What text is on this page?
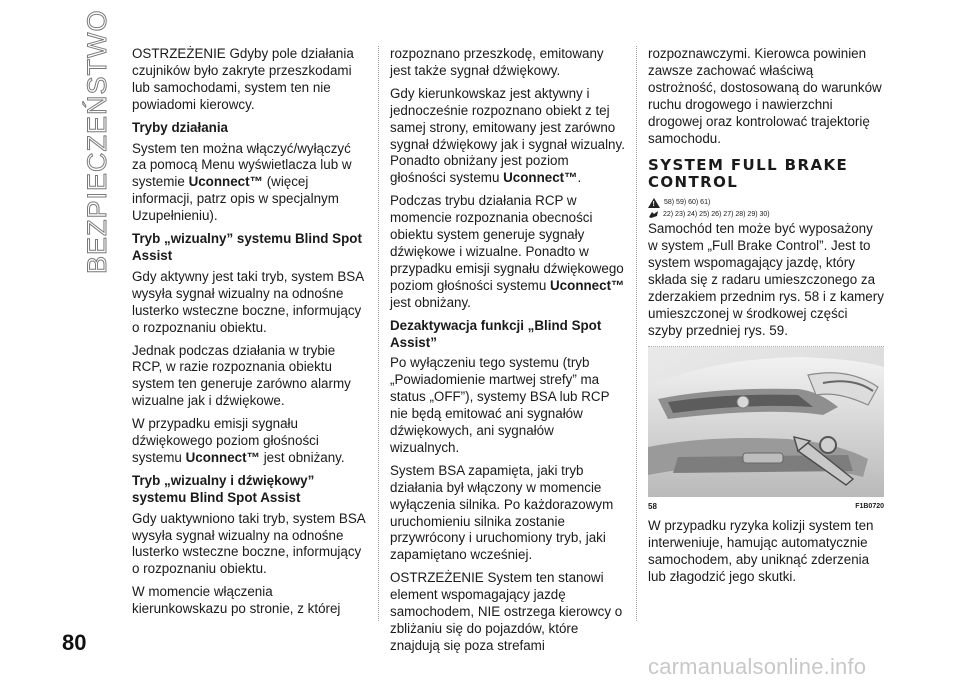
BEZPIECZEŃSTWO
80

OSTRZEŻENIE Gdyby pole działania czujników było zakryte przeszkodami lub samochodami, system ten nie powiadomi kierowcy.

Tryby działania

System ten można włączyć/wyłączyć za pomocą Menu wyświetlacza lub w systemie Uconnect™ (więcej informacji, patrz opis w specjalnym Uzupełnieniu).

Tryb „wizualny” systemu Blind Spot Assist

Gdy aktywny jest taki tryb, system BSA wysyła sygnał wizualny na odnośne lusterko wsteczne boczne, informujący o rozpoznaniu obiektu.

Jednak podczas działania w trybie RCP, w razie rozpoznania obiektu system ten generuje zarówno alarmy wizualne jak i dźwiękowe.

W przypadku emisji sygnału dźwiękowego poziom głośności systemu Uconnect™ jest obniżany.

Tryb „wizualny i dźwiękowy” systemu Blind Spot Assist

Gdy uaktywniono taki tryb, system BSA wysyła sygnał wizualny na odnośne lusterko wsteczne boczne, informujący o rozpoznaniu obiektu.

W momencie włączenia kierunkowskazu po stronie, z której

rozpoznano przeszkodę, emitowany jest także sygnał dźwiękowy.

Gdy kierunkowskaz jest aktywny i jednocześnie rozpoznano obiekt z tej samej strony, emitowany jest zarówno sygnał dźwiękowy jak i sygnał wizualny. Ponadto obniżany jest poziom głośności systemu Uconnect™.

Podczas trybu działania RCP w momencie rozpoznania obecności obiektu system generuje sygnały dźwiękowe i wizualne. Ponadto w przypadku emisji sygnału dźwiękowego poziom głośności systemu Uconnect™ jest obniżany.

Dezaktywacja funkcji „Blind Spot Assist”

Po wyłączeniu tego systemu (tryb „Powiadomienie martwej strefy” ma status „OFF”), systemy BSA lub RCP nie będą emitować ani sygnałów dźwiękowych, ani sygnałów wizualnych.

System BSA zapamięta, jaki tryb działania był włączony w momencie wyłączenia silnika. Po każdorazowym uruchomieniu silnika zostanie przywrócony i uruchomiony tryb, jaki zapamiętano wcześniej.

OSTRZEŻENIE System ten stanowi element wspomagający jazdę samochodem, NIE ostrzega kierowcy o zbliżaniu się do pojazdów, które znajdują się poza strefami

rozpoznawczymi. Kierowca powinien zawsze zachować właściwą ostrożność, dostosowaną do warunków ruchu drogowego i nawierzchni drogowej oraz kontrolować trajektorię samochodu.

SYSTEM FULL BRAKE CONTROL
!
58) 59) 60) 61)
22) 23) 24) 25) 26) 27) 28) 29) 30)

Samochód ten może być wyposażony w system „Full Brake Control”. Jest to system wspomagający jazdę, który składa się z radaru umieszczonego za zderzakiem przednim rys. 58 i z kamery umieszczonej w środkowej części szyby przedniej rys. 59.

58	F1B0720

W przypadku ryzyka kolizji system ten interweniuje, hamując automatycznie samochodem, aby uniknąć zderzenia lub złagodzić jego skutki.

carmanualsonline.info
